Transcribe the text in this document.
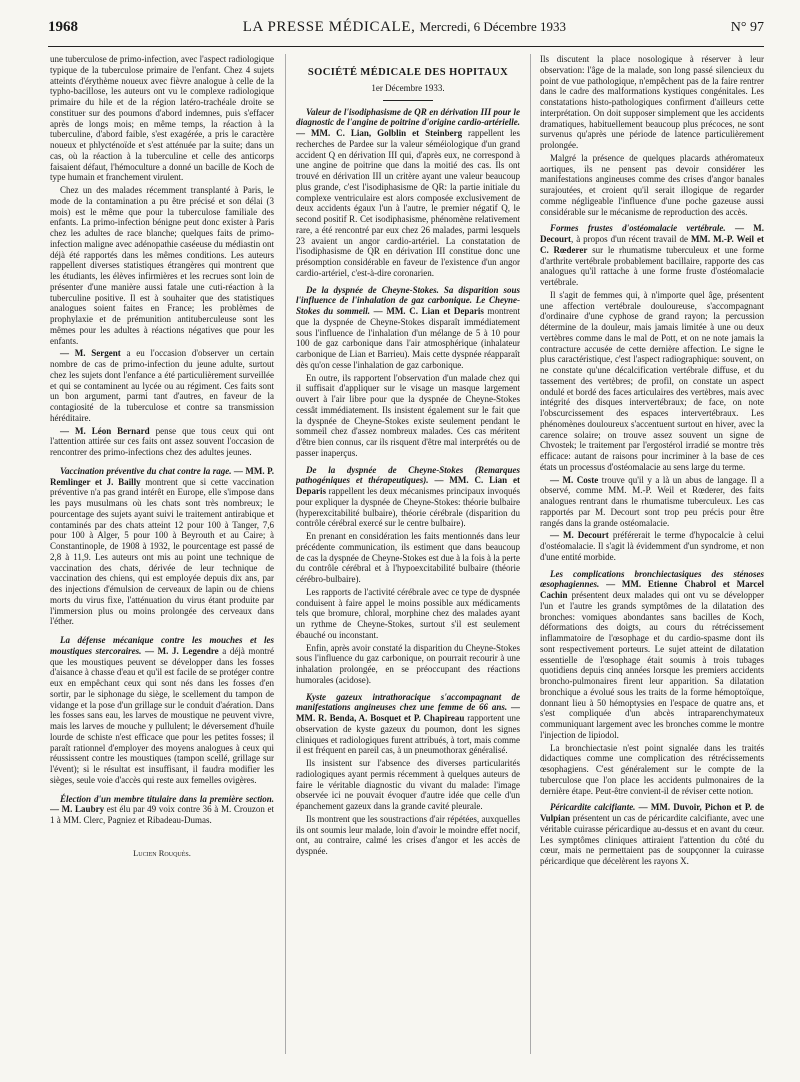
1968	LA PRESSE MÉDICALE, Mercredi, 6 Décembre 1933	N° 97

une tuberculose de primo-infection, avec l'aspect radiologique typique de la tuberculose primaire de l'enfant. Chez 4 sujets atteints d'érythème noueux avec fièvre analogue à celle de la typho-bacillose, les auteurs ont vu le complexe radiologique primaire du hile et de la région latéro-trachéale droite se constituer sur des poumons d'abord indemnes, puis s'effacer après de longs mois; en même temps, la réaction à la tuberculine, d'abord faible, s'est exagérée, a pris le caractère noueux et phlycténoïde et s'est atténuée par la suite; dans un cas, où la réaction à la tuberculine et celle des anticorps faisaient défaut, l'hémoculture a donné un bacille de Koch de type humain et franchement virulent.

Chez un des malades récemment transplanté à Paris, le mode de la contamination a pu être précisé et son délai (3 mois) est le même que pour la tuberculose familiale des enfants. La primo-infection bénigne peut donc exister à Paris chez les adultes de race blanche; quelques faits de primo-infection maligne avec adénopathie caséeuse du médiastin ont déjà été rapportés dans les mêmes conditions. Les auteurs rappellent diverses statistiques étrangères qui montrent que les étudiants, les élèves infirmières et les recrues sont loin de présenter d'une manière aussi fatale une cuti-réaction à la tuberculine positive. Il est à souhaiter que des statistiques analogues soient faites en France; les problèmes de prophylaxie et de prémunition antituberculeuse sont les mêmes pour les adultes à réactions négatives que pour les enfants.

— M. Sergent a eu l'occasion d'observer un certain nombre de cas de primo-infection du jeune adulte, surtout chez les sujets dont l'enfance a été particulièrement surveillée et qui se contaminent au lycée ou au régiment. Ces faits sont un bon argument, parmi tant d'autres, en faveur de la contagiosité de la tuberculose et contre sa transmission héréditaire.

— M. Léon Bernard pense que tous ceux qui ont l'attention attirée sur ces faits ont assez souvent l'occasion de rencontrer des primo-infections chez des adultes jeunes.

Vaccination préventive du chat contre la rage. — MM. P. Remlinger et J. Bailly montrent que si cette vaccination préventive n'a pas grand intérêt en Europe, elle s'impose dans les pays musulmans où les chats sont très nombreux; le pourcentage des sujets ayant suivi le traitement antirabique et contaminés par des chats atteint 12 pour 100 à Tanger, 7,6 pour 100 à Alger, 5 pour 100 à Beyrouth et au Caire; à Constantinople, de 1908 à 1932, le pourcentage est passé de 2,8 à 11,9. Les auteurs ont mis au point une technique de vaccination des chats, dérivée de leur technique de vaccination des chiens, qui est employée depuis dix ans, par des injections d'émulsion de cerveaux de lapin ou de chiens morts du virus fixe, l'atténuation du virus étant produite par l'immersion plus ou moins prolongée des cerveaux dans l'éther.

La défense mécanique contre les mouches et les moustiques stercoraires. — M. J. Legendre a déjà montré que les moustiques peuvent se développer dans les fosses d'aisance à chasse d'eau et qu'il est facile de se protéger contre eux en empêchant ceux qui sont nés dans les fosses d'en sortir, par le siphonage du siège, le scellement du tampon de vidange et la pose d'un grillage sur le conduit d'aération. Dans les fosses sans eau, les larves de moustique ne peuvent vivre, mais les larves de mouche y pullulent; le déversement d'huile lourde de schiste n'est efficace que pour les petites fosses; il paraît rationnel d'employer des moyens analogues à ceux qui réussissent contre les moustiques (tampon scellé, grillage sur l'évent); si le résultat est insuffisant, il faudra modifier les sièges, seule voie d'accès qui reste aux femelles ovigères.

Élection d'un membre titulaire dans la première section. — M. Laubry est élu par 49 voix contre 36 à M. Crouzon et 1 à MM. Clerc, Pagniez et Ribadeau-Dumas.

Lucien Rouquès.
SOCIÉTÉ MÉDICALE DES HOPITAUX
1er Décembre 1933.

Valeur de l'isodiphasisme de QR en dérivation III pour le diagnostic de l'angine de poitrine d'origine cardio-artérielle. — MM. C. Lian, Golblin et Steinberg rappellent les recherches de Pardee sur la valeur séméiologique d'un grand accident Q en dérivation III qui, d'après eux, ne correspond à une angine de poitrine que dans la moitié des cas. Ils ont trouvé en dérivation III un critère ayant une valeur beaucoup plus grande, c'est l'isodiphasisme de QR: la partie initiale du complexe ventriculaire est alors composée exclusivement de deux accidents égaux l'un à l'autre, le premier négatif Q, le second positif R. Cet isodiphasisme, phénomène relativement rare, a été rencontré par eux chez 26 malades, parmi lesquels 23 avaient un angor cardio-artériel. La constatation de l'isodiphasisme de QR en dérivation III constitue donc une présomption considérable en faveur de l'existence d'un angor cardio-artériel, c'est-à-dire coronarien.

De la dyspnée de Cheyne-Stokes. Sa disparition sous l'influence de l'inhalation de gaz carbonique. Le Cheyne-Stokes du sommeil. — MM. C. Lian et Deparis montrent que la dyspnée de Cheyne-Stokes disparaît immédiatement sous l'influence de l'inhalation d'un mélange de 5 à 10 pour 100 de gaz carbonique dans l'air atmosphérique (inhalateur carbonique de Lian et Barrieu). Mais cette dyspnée réapparaît dès qu'on cesse l'inhalation de gaz carbonique.

En outre, ils rapportent l'observation d'un malade chez qui il suffisait d'appliquer sur le visage un masque largement ouvert à l'air libre pour que la dyspnée de Cheyne-Stokes cessât immédiatement. Ils insistent également sur le fait que la dyspnée de Cheyne-Stokes existe seulement pendant le sommeil chez d'assez nombreux malades. Ces cas méritent d'être bien connus, car ils risquent d'être mal interprétés ou de passer inaperçus.

De la dyspnée de Cheyne-Stokes (Remarques pathogéniques et thérapeutiques). — MM. C. Lian et Deparis rappellent les deux mécanismes principaux invoqués pour expliquer la dyspnée de Cheyne-Stokes: théorie bulbaire (hyperexcitabilité bulbaire), théorie cérébrale (disparition du contrôle cérébral exercé sur le centre bulbaire).

En prenant en considération les faits mentionnés dans leur précédente communication, ils estiment que dans beaucoup de cas la dyspnée de Cheyne-Stokes est due à la fois à la perte du contrôle cérébral et à l'hypoexcitabilité bulbaire (théorie cérébro-bulbaire).

Les rapports de l'activité cérébrale avec ce type de dyspnée conduisent à faire appel le moins possible aux médicaments tels que bromure, chloral, morphine chez des malades ayant un rythme de Cheyne-Stokes, surtout s'il est seulement ébauché ou inconstant.

Enfin, après avoir constaté la disparition du Cheyne-Stokes sous l'influence du gaz carbonique, on pourrait recourir à une inhalation prolongée, en se préoccupant des réactions humorales (acidose).

Kyste gazeux intrathoracique s'accompagnant de manifestations angineuses chez une femme de 66 ans. — MM. R. Benda, A. Bosquet et P. Chapireau rapportent une observation de kyste gazeux du poumon, dont les signes cliniques et radiologiques furent attribués, à tort, mais comme il est fréquent en pareil cas, à un pneumothorax généralisé.

Ils insistent sur l'absence des diverses particularités radiologiques ayant permis récemment à quelques auteurs de faire le véritable diagnostic du vivant du malade: l'image observée ici ne pouvait évoquer d'autre idée que celle d'un épanchement gazeux dans la grande cavité pleurale.

Ils montrent que les soustractions d'air répétées, auxquelles ils ont soumis leur malade, loin d'avoir le moindre effet nocif, ont, au contraire, calmé les crises d'angor et les accès de dyspnée.

Ils discutent la place nosologique à réserver à leur observation: l'âge de la malade, son long passé silencieux du point de vue pathologique, n'empêchent pas de la faire rentrer dans le cadre des malformations kystiques congénitales. Les constatations histo-pathologiques confirment d'ailleurs cette interprétation. On doit supposer simplement que les accidents dramatiques, habituellement beaucoup plus précoces, ne sont survenus qu'après une période de latence particulièrement prolongée.

Malgré la présence de quelques placards athéromateux aortiques, ils ne pensent pas devoir considérer les manifestations angineuses comme des crises d'angor banales surajoutées, et croient qu'il serait illogique de regarder comme négligeable l'influence d'une poche gazeuse aussi considérable sur le mécanisme de reproduction des accès.

Formes frustes d'ostéomalacie vertébrale. — M. Decourt, à propos d'un récent travail de MM. M.-P. Weil et C. Rœderer sur le rhumatisme tuberculeux et une forme d'arthrite vertébrale probablement bacillaire, rapporte des cas analogues qu'il rattache à une forme fruste d'ostéomalacie vertébrale.

Il s'agit de femmes qui, à n'importe quel âge, présentent une affection vertébrale douloureuse, s'accompagnant d'ordinaire d'une cyphose de grand rayon; la percussion détermine de la douleur, mais jamais limitée à une ou deux vertèbres comme dans le mal de Pott, et on ne note jamais la contracture accusée de cette dernière affection. Le signe le plus caractéristique, c'est l'aspect radiographique: souvent, on ne constate qu'une décalcification vertébrale diffuse, et du tassement des vertèbres; de profil, on constate un aspect ondulé et bordé des faces articulaires des vertèbres, mais avec intégrité des disques intervertébraux; de face, on note l'obscurcissement des espaces intervertébraux. Les phénomènes douloureux s'accentuent surtout en hiver, avec la carence solaire; on trouve assez souvent un signe de Chvostek; le traitement par l'ergostérol irradié se montre très efficace: autant de raisons pour incriminer à la base de ces états un processus d'ostéomalacie au sens large du terme.

— M. Coste trouve qu'il y a là un abus de langage. Il a observé, comme MM. M.-P. Weil et Rœderer, des faits analogues rentrant dans le rhumatisme tuberculeux. Les cas rapportés par M. Decourt sont trop peu précis pour être rangés dans la grande ostéomalacie.

— M. Decourt préférerait le terme d'hypocalcie à celui d'ostéomalacie. Il s'agit là évidemment d'un syndrome, et non d'une entité morbide.

Les complications bronchiectasiques des sténoses œsophagiennes. — MM. Etienne Chabrol et Marcel Cachin présentent deux malades qui ont vu se développer l'un et l'autre les grands symptômes de la dilatation des bronches: vomiques abondantes sans bacilles de Koch, déformations des doigts, au cours du rétrécissement inflammatoire de l'œsophage et du cardio-spasme dont ils sont respectivement porteurs. Le sujet atteint de dilatation essentielle de l'œsophage était soumis à trois tubages quotidiens depuis cinq années lorsque les premiers accidents broncho-pulmonaires firent leur apparition. Sa dilatation bronchique a évolué sous les traits de la forme hémoptoïque, donnant lieu à 50 hémoptysies en l'espace de quatre ans, et s'est compliquée d'un abcès intraparenchymateux communiquant largement avec les bronches comme le montre l'injection de lipiodol.

La bronchiectasie n'est point signalée dans les traités didactiques comme une complication des rétrécissements œsophagiens. C'est généralement sur le compte de la tuberculose que l'on place les accidents pulmonaires de la dernière étape. Peut-être convient-il de réviser cette notion.

Péricardite calcifiante. — MM. Duvoir, Pichon et P. de Vulpian présentent un cas de péricardite calcifiante, avec une véritable cuirasse péricardique au-dessus et en avant du cœur. Les symptômes cliniques attiraient l'attention du côté du cœur, mais ne permettaient pas de soupçonner la cuirasse péricardique que décelèrent les rayons X.
